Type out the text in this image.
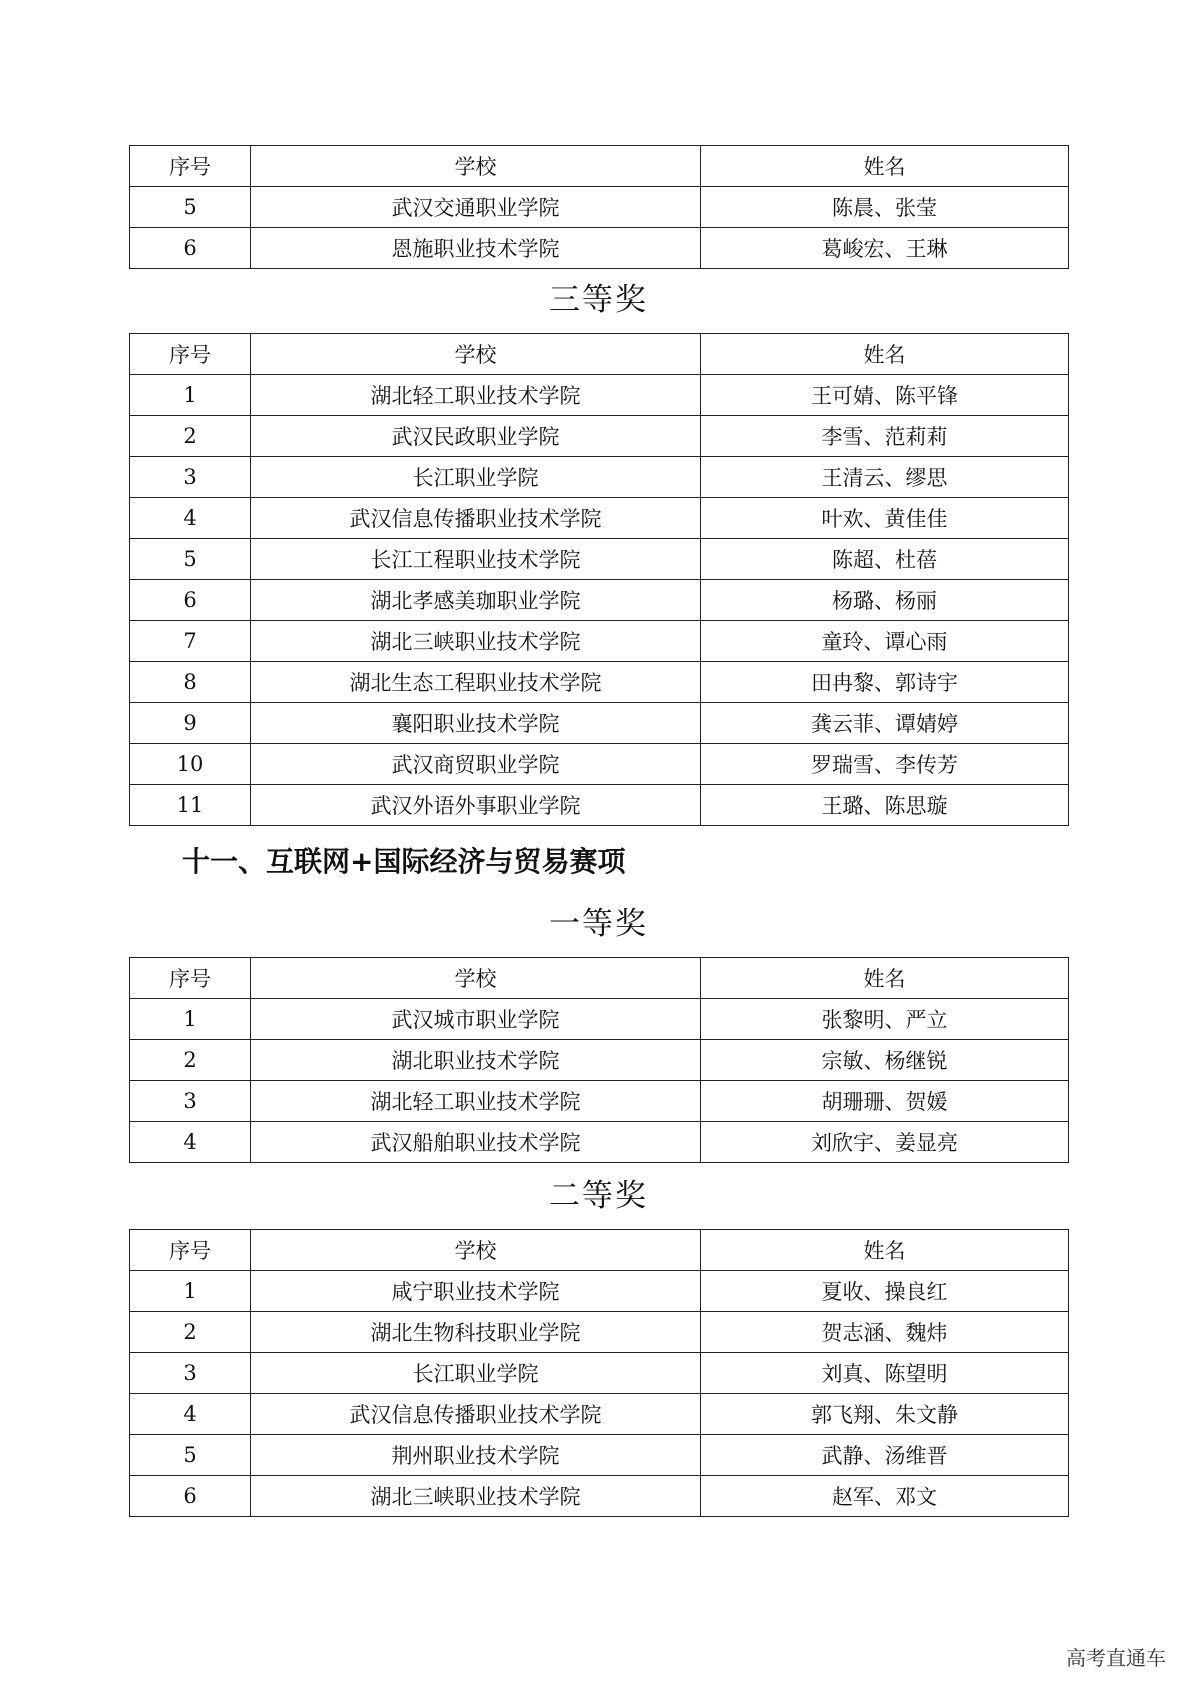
序号	学校	姓名
5	武汉交通职业学院	陈晨、张莹
6	恩施职业技术学院	葛峻宏、王琳
三等奖
序号	学校	姓名
1	湖北轻工职业技术学院	王可婧、陈平锋
2	武汉民政职业学院	李雪、范莉莉
3	长江职业学院	王清云、缪思
4	武汉信息传播职业技术学院	叶欢、黄佳佳
5	长江工程职业技术学院	陈超、杜蓓
6	湖北孝感美珈职业学院	杨璐、杨丽
7	湖北三峡职业技术学院	童玲、谭心雨
8	湖北生态工程职业技术学院	田冉黎、郭诗宇
9	襄阳职业技术学院	龚云菲、谭婧婷
10	武汉商贸职业学院	罗瑞雪、李传芳
11	武汉外语外事职业学院	王璐、陈思璇
十一、互联网+国际经济与贸易赛项
一等奖
序号	学校	姓名
1	武汉城市职业学院	张黎明、严立
2	湖北职业技术学院	宗敏、杨继锐
3	湖北轻工职业技术学院	胡珊珊、贺媛
4	武汉船舶职业技术学院	刘欣宇、姜显亮
二等奖
序号	学校	姓名
1	咸宁职业技术学院	夏收、操良红
2	湖北生物科技职业学院	贺志涵、魏炜
3	长江职业学院	刘真、陈望明
4	武汉信息传播职业技术学院	郭飞翔、朱文静
5	荆州职业技术学院	武静、汤维晋
6	湖北三峡职业技术学院	赵军、邓文
高考直通车
